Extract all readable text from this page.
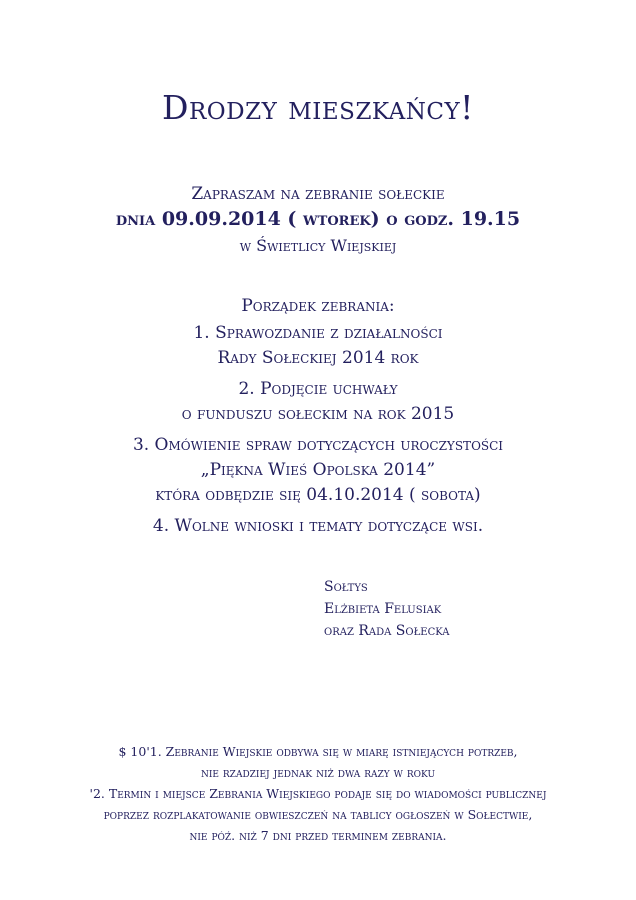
Drodzy mieszkańcy!
Zapraszam na zebranie sołeckie
dnia 09.09.2014 ( wtorek) o godz. 19.15
w Świetlicy Wiejskiej
Porządek zebrania:
1. Sprawozdanie z działalności
Rady Sołeckiej 2014 rok
2. Podjęcie uchwały
o funduszu sołeckim na rok 2015
3. Omówienie spraw dotyczących uroczystości
„Piękna Wieś Opolska 2014”
która odbędzie się 04.10.2014 ( sobota)
4. Wolne wnioski i tematy dotyczące wsi.
Sołtys
Elżbieta Felusiak
oraz Rada Sołecka
$ 10'1. Zebranie Wiejskie odbywa się w miarę istniejących potrzeb,
nie rzadziej jednak niż dwa razy w roku
'2. Termin i miejsce Zebrania Wiejskiego podaje się do wiadomości publicznej
poprzez rozplakatowanie obwieszczeń na tablicy ogłoszeń w Sołectwie,
nie póź. niż 7 dni przed terminem zebrania.
